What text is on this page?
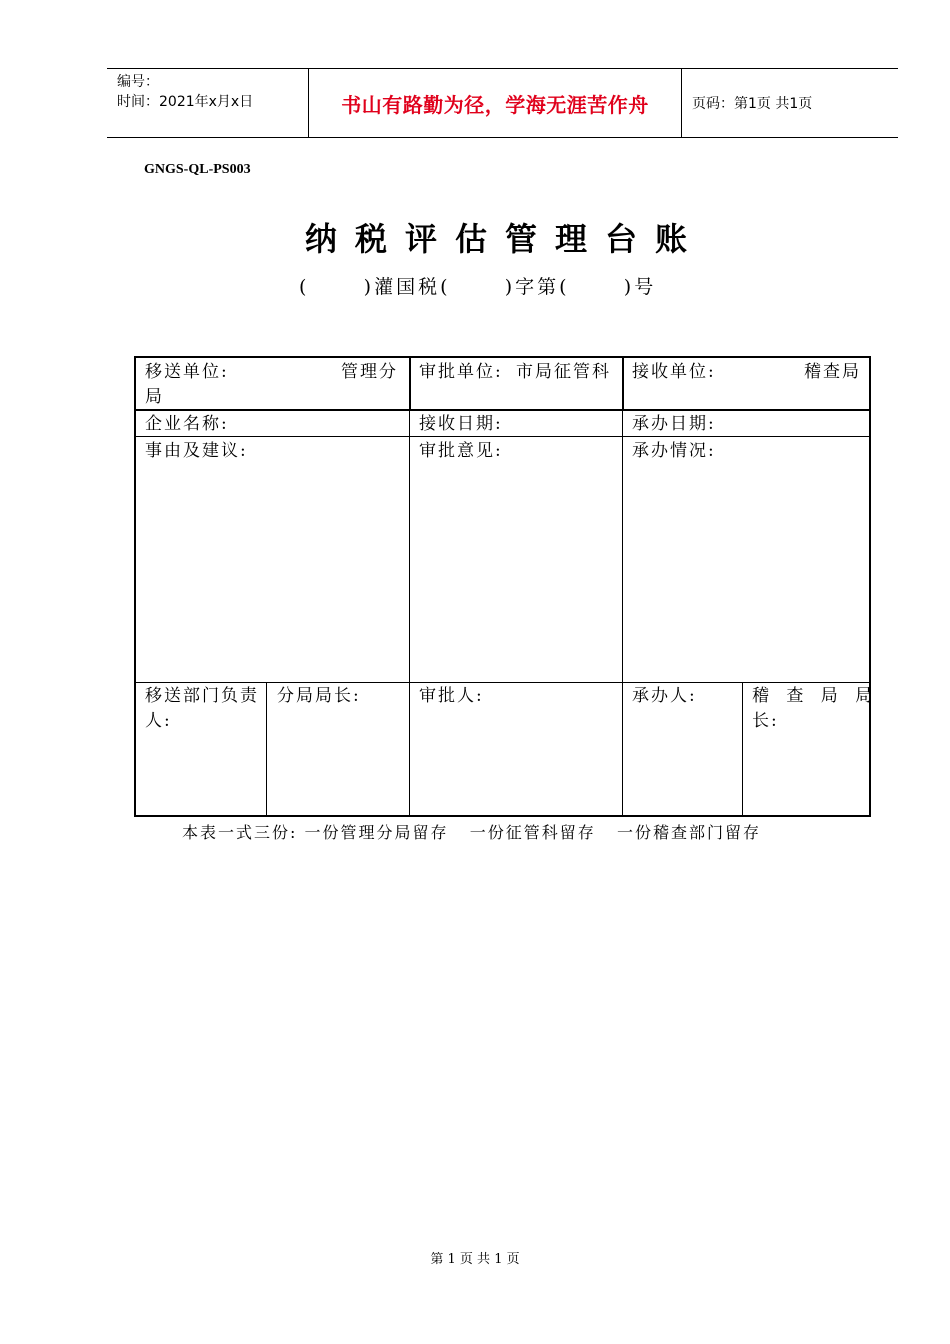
编号：
时间：2021年x月x日	书山有路勤为径，学海无涯苦作舟	页码：第1页 共1页
GNGS-QL-PS003
纳税评估管理台账
(      )灌国税(      )字第(      )号
移送单位:	管理分
局
审批单位: 市局征管科 接收单位:	稽查局
企业名称:	接收日期:	承办日期:
事由及建议:	审批意见:	承办情况:
移送部门负责
人:
分局局长:	审批人:	承办人:	稽 查 局 局
长:
本表一式三份: 一份管理分局留存   一份征管科留存   一份稽查部门留存
第 1 页 共 1 页
